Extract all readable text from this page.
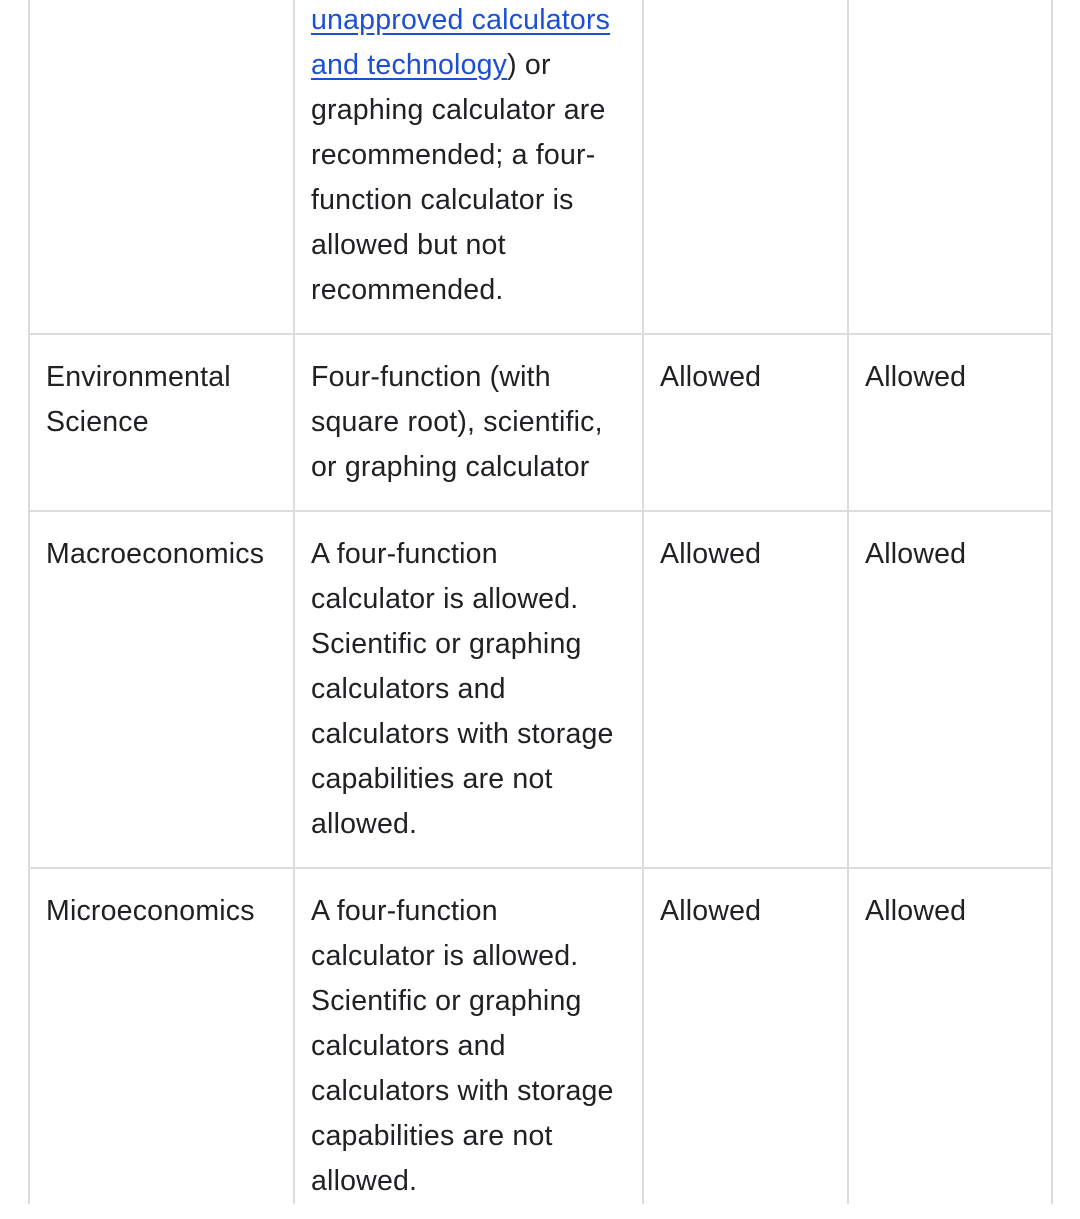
	unapproved calculators and technology) or graphing calculator are recommended; a four-function calculator is allowed but not recommended.		
Environmental Science	Four-function (with square root), scientific, or graphing calculator	Allowed	Allowed
Macroeconomics	A four-function calculator is allowed. Scientific or graphing calculators and calculators with storage capabilities are not allowed.	Allowed	Allowed
Microeconomics	A four-function calculator is allowed. Scientific or graphing calculators and calculators with storage capabilities are not allowed.	Allowed	Allowed
